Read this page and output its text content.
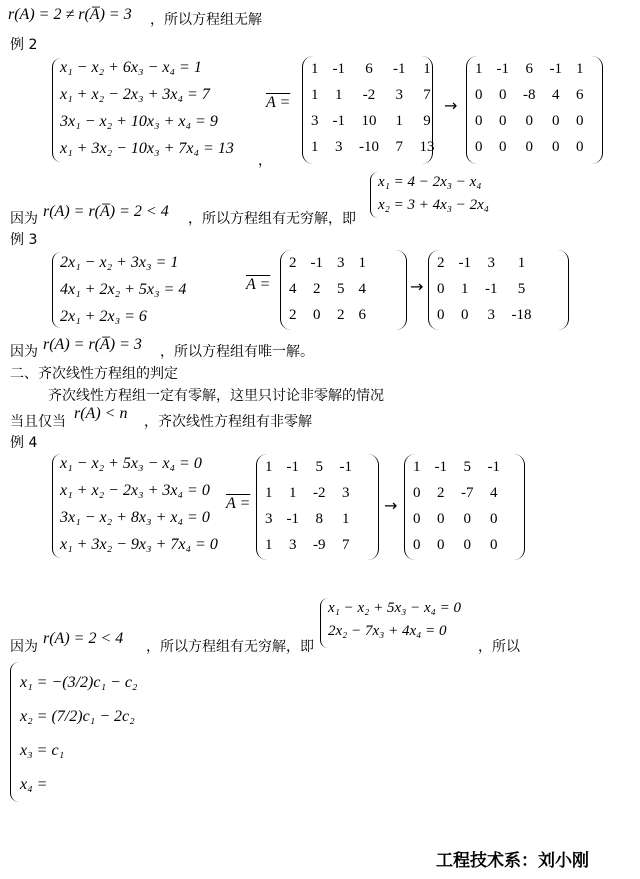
r(A) = 2 ≠ r(A̅) = 3 ，所以方程组无解
例 2
x₁ − x₂ + 6x₃ − x₄ = 1
x₁ + x₂ − 2x₃ + 3x₄ = 7
3x₁ − x₂ + 10x₃ + x₄ = 9
x₁ + 3x₂ − 10x₃ + 7x₄ = 13
，
A =
1	-1	6	-1	1
1	1	-2	3	7
3	-1	10	1	9
1	3	-10	7	13
→
1	-1	6	-1	1
0	0	-8	4	6
0	0	0	0	0
0	0	0	0	0
因为 r(A) = r(A̅) = 2 < 4 ，所以方程组有无穷解，即
x₁ = 4 − 2x₃ − x₄
x₂ = 3 + 4x₃ − 2x₄
例 3
2x₁ − x₂ + 3x₃ = 1
4x₁ + 2x₂ + 5x₃ = 4
2x₁ + 2x₃ = 6
A =
2	-1	3	1
4	2	5	4
2	0	2	6
→
2	-1	3	1
0	1	-1	5
0	0	3	-18
因为 r(A) = r(A̅) = 3 ，所以方程组有唯一解。
二、齐次线性方程组的判定
齐次线性方程组一定有零解，这里只讨论非零解的情况
当且仅当 r(A) < n ，齐次线性方程组有非零解
例 4
x₁ − x₂ + 5x₃ − x₄ = 0
x₁ + x₂ − 2x₃ + 3x₄ = 0
3x₁ − x₂ + 8x₃ + x₄ = 0
x₁ + 3x₂ − 9x₃ + 7x₄ = 0
A =
1	-1	5	-1
1	1	-2	3
3	-1	8	1
1	3	-9	7
→
1	-1	5	-1
0	2	-7	4
0	0	0	0
0	0	0	0
因为 r(A) = 2 < 4 ，所以方程组有无穷解，即
x₁ − x₂ + 5x₃ − x₄ = 0
2x₂ − 7x₃ + 4x₄ = 0
，所以
x₁ = −(3/2)c₁ − c₂
x₂ = (7/2)c₁ − 2c₂
x₃ = c₁
x₄ =
工程技术系：刘小刚
